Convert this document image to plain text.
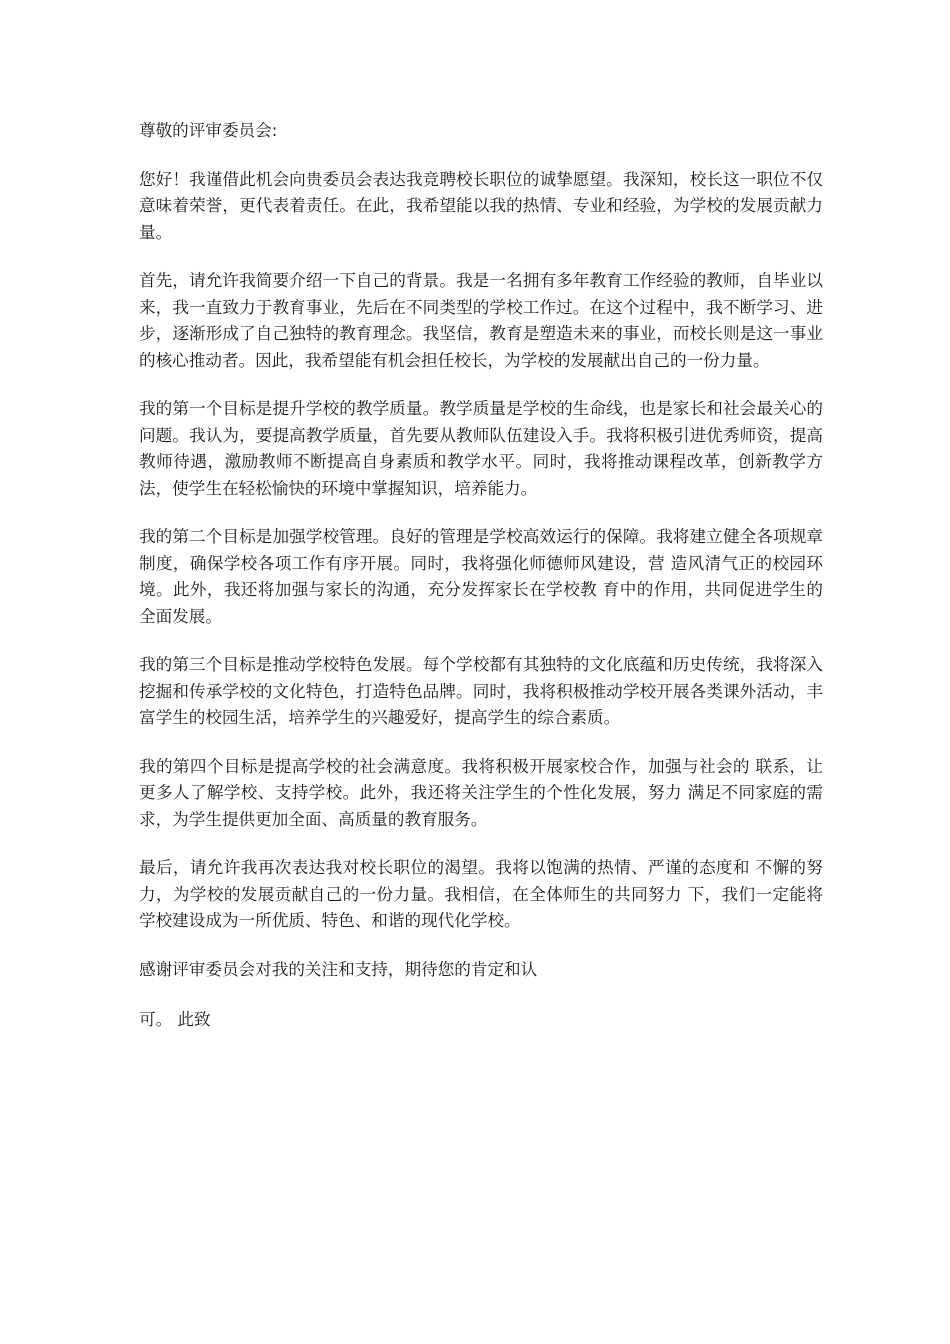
尊敬的评审委员会:

您好！我谨借此机会向贵委员会表达我竞聘校长职位的诚挚愿望。我深知，校长这一职位不仅意味着荣誉，更代表着责任。在此，我希望能以我的热情、专业和经验，为学校的发展贡献力量。

首先，请允许我简要介绍一下自己的背景。我是一名拥有多年教育工作经验的教师，自毕业以来，我一直致力于教育事业，先后在不同类型的学校工作过。在这个过程中，我不断学习、进步，逐渐形成了自己独特的教育理念。我坚信，教育是塑造未来的事业，而校长则是这一事业的核心推动者。因此，我希望能有机会担任校长，为学校的发展献出自己的一份力量。

我的第一个目标是提升学校的教学质量。教学质量是学校的生命线，也是家长和社会最关心的问题。我认为，要提高教学质量，首先要从教师队伍建设入手。我将积极引进优秀师资，提高教师待遇，激励教师不断提高自身素质和教学水平。同时，我将推动课程改革，创新教学方法，使学生在轻松愉快的环境中掌握知识，培养能力。

我的第二个目标是加强学校管理。良好的管理是学校高效运行的保障。我将建立健全各项规章制度，确保学校各项工作有序开展。同时，我将强化师德师风建设，营 造风清气正的校园环境。此外，我还将加强与家长的沟通，充分发挥家长在学校教 育中的作用，共同促进学生的全面发展。

我的第三个目标是推动学校特色发展。每个学校都有其独特的文化底蕴和历史传统，我将深入挖掘和传承学校的文化特色，打造特色品牌。同时，我将积极推动学校开展各类课外活动，丰富学生的校园生活，培养学生的兴趣爱好，提高学生的综合素质。

我的第四个目标是提高学校的社会满意度。我将积极开展家校合作，加强与社会的 联系，让更多人了解学校、支持学校。此外，我还将关注学生的个性化发展，努力 满足不同家庭的需求，为学生提供更加全面、高质量的教育服务。

最后，请允许我再次表达我对校长职位的渴望。我将以饱满的热情、严谨的态度和 不懈的努力，为学校的发展贡献自己的一份力量。我相信，在全体师生的共同努力 下，我们一定能将学校建设成为一所优质、特色、和谐的现代化学校。

感谢评审委员会对我的关注和支持，期待您的肯定和认

可。 此致
